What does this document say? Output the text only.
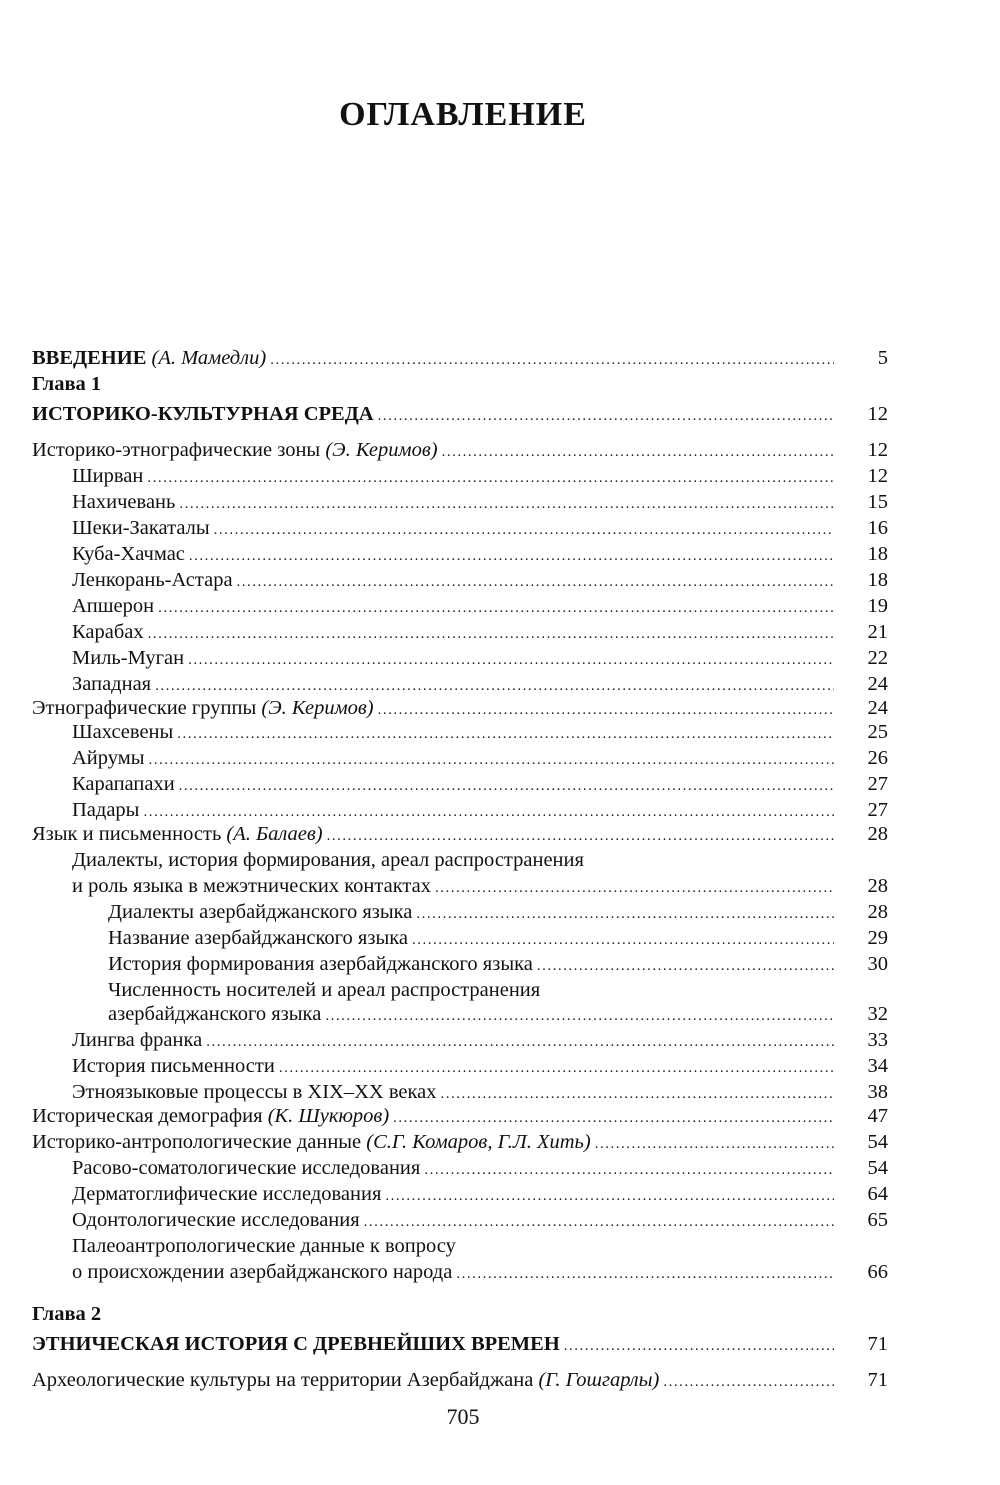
ОГЛАВЛЕНИЕ
ВВЕДЕНИЕ (А. Мамедли) .....	5
Глава 1
ИСТОРИКО-КУЛЬТУРНАЯ СРЕДА .....	12
Историко-этнографические зоны (Э. Керимов) .....	12
Ширван .....	12
Нахичевань .....	15
Шеки-Закаталы .....	16
Куба-Хачмас .....	18
Ленкорань-Астара .....	18
Апшерон .....	19
Карабах .....	21
Миль-Муган .....	22
Западная .....	24
Этнографические группы (Э. Керимов) .....	24
Шахсевены .....	25
Айрумы .....	26
Карапапахи .....	27
Падары .....	27
Язык и письменность (А. Балаев) .....	28
Диалекты, история формирования, ареал распространения
и роль языка в межэтнических контактах .....	28
Диалекты азербайджанского языка .....	28
Название азербайджанского языка .....	29
История формирования азербайджанского языка .....	30
Численность носителей и ареал распространения
азербайджанского языка .....	32
Лингва франка .....	33
История письменности .....	34
Этноязыковые процессы в XIX–XX веках .....	38
Историческая демография (К. Шукюров) .....	47
Историко-антропологические данные (С.Г. Комаров, Г.Л. Хить) .....	54
Расово-соматологические исследования .....	54
Дерматоглифические исследования .....	64
Одонтологические исследования .....	65
Палеоантропологические данные к вопросу
о происхождении азербайджанского народа .....	66
Глава 2
ЭТНИЧЕСКАЯ ИСТОРИЯ С ДРЕВНЕЙШИХ ВРЕМЕН .....	71
Археологические культуры на территории Азербайджана (Г. Гошгарлы) .....	71
705
